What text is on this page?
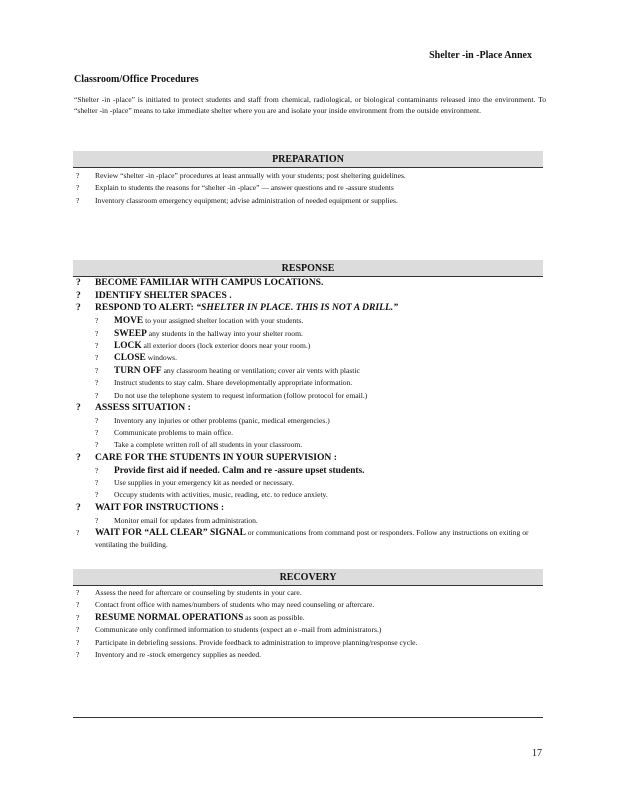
Shelter -in -Place Annex
Classroom/Office Procedures
“Shelter -in -place” is initiated to protect students and staff from chemical, radiological, or biological contaminants released into the environment. To “shelter -in -place” means to take immediate shelter where you are and isolate your inside environment from the outside environment.
PREPARATION
? Review “shelter -in -place” procedures at least annually with your students; post sheltering guidelines.
? Explain to students the reasons for “shelter -in -place” — answer questions and re -assure students
? Inventory classroom emergency equipment; advise administration of needed equipment or supplies.
RESPONSE
? BECOME FAMILIAR WITH CAMPUS LOCATIONS.
? IDENTIFY SHELTER SPACES .
? RESPOND TO ALERT: “SHELTER IN PLACE. THIS IS NOT A DRILL.”
? MOVE to your assigned shelter location with your students.
? SWEEP any students in the hallway into your shelter room.
? LOCK all exterior doors (lock exterior doors near your room.)
? CLOSE windows.
? TURN OFF any classroom heating or ventilation; cover air vents with plastic
? Instruct students to stay calm. Share developmentally appropriate information.
? Do not use the telephone system to request information (follow protocol for email.)
? ASSESS SITUATION :
? Inventory any injuries or other problems (panic, medical emergencies.)
? Communicate problems to main office.
? Take a complete written roll of all students in your classroom.
? CARE FOR THE STUDENTS IN YOUR SUPERVISION :
? Provide first aid if needed. Calm and re -assure upset students.
? Use supplies in your emergency kit as needed or necessary.
? Occupy students with activities, music, reading, etc. to reduce anxiety.
? WAIT FOR INSTRUCTIONS :
? Monitor email for updates from administration.
? WAIT FOR “ALL CLEAR” SIGNAL or communications from command post or responders. Follow any instructions on exiting or ventilating the building.
RECOVERY
? Assess the need for aftercare or counseling by students in your care.
? Contact front office with names/numbers of students who may need counseling or aftercare.
? RESUME NORMAL OPERATIONS as soon as possible.
? Communicate only confirmed information to students (expect an e -mail from administrators.)
? Participate in debriefing sessions. Provide feedback to administration to improve planning/response cycle.
? Inventory and re -stock emergency supplies as needed.
17
